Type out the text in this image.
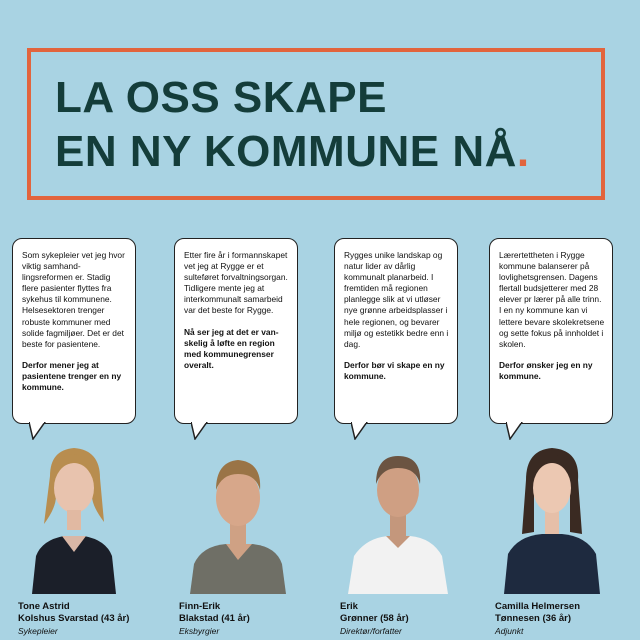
LA OSS SKAPE
EN NY KOMMUNE NÅ.

Som sykepleier vet jeg hvor viktig samhandlingsreformen er. Stadig flere pasienter flyttes fra sykehus til kommunene. Helsesektoren trenger robuste kommuner med solide fagmiljøer. Det er det beste for pasientene.

Derfor mener jeg at pasientene trenger en ny kommune.

Tone Astrid
Kolshus Svarstad (43 år)
Sykepleier

Etter fire år i formannskapet vet jeg at Rygge er et sulteføret forvaltningsorgan. Tidligere mente jeg at interkommunalt samarbeid var det beste for Rygge.

Nå ser jeg at det er vanskelig å løfte en region med kommunegrenser overalt.

Finn-Erik
Blakstad (41 år)
Eksbyrgier

Rygges unike landskap og natur lider av dårlig kommunalt planarbeid. I fremtiden må regionen planlegge slik at vi utløser nye grønne arbeidsplasser i hele regionen, og bevarer miljø og estetikk bedre enn i dag.

Derfor bør vi skape en ny kommune.

Erik
Grønner (58 år)
Direktør/forfatter

Lærertettheten i Rygge kommune balanserer på lovlighetsgrensen. Dagens flertall budsjetterer med 28 elever pr lærer på alle trinn. I en ny kommune kan vi lettere bevare skolekretsene og sette fokus på innholdet i skolen.

Derfor ønsker jeg en ny kommune.

Camilla Helmersen
Tønnesen (36 år)
Adjunkt
